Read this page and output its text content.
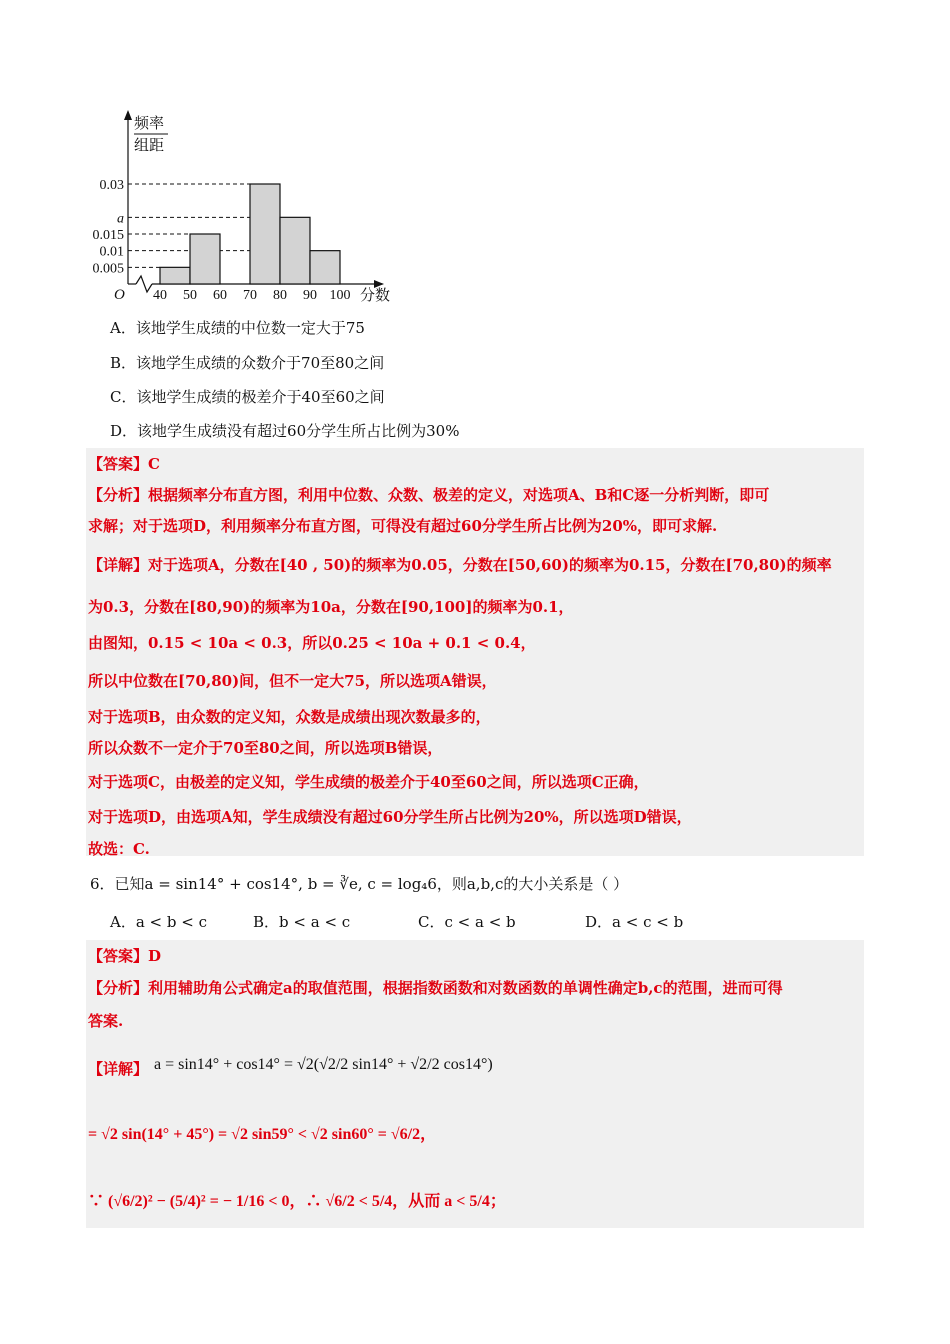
0.03
a
0.015
0.01
0.005
40 50 60 70 80 90 100
频率
组距
O	分数
A．该地学生成绩的中位数一定大于75
B．该地学生成绩的众数介于70至80之间
C．该地学生成绩的极差介于40至60之间
D．该地学生成绩没有超过60分学生所占比例为30%
【答案】C
【分析】根据频率分布直方图，利用中位数、众数、极差的定义，对选项A、B和C逐一分析判断，即可
求解；对于选项D，利用频率分布直方图，可得没有超过60分学生所占比例为20%，即可求解.
【详解】对于选项A，分数在[40 , 50)的频率为0.05，分数在[50,60)的频率为0.15，分数在[70,80)的频率
为0.3，分数在[80,90)的频率为10a，分数在[90,100]的频率为0.1，
由图知，0.15 < 10a < 0.3，所以0.25 < 10a + 0.1 < 0.4，
所以中位数在[70,80)间，但不一定大75，所以选项A错误，
对于选项B，由众数的定义知，众数是成绩出现次数最多的，
所以众数不一定介于70至80之间，所以选项B错误，
对于选项C，由极差的定义知，学生成绩的极差介于40至60之间，所以选项C正确，
对于选项D，由选项A知，学生成绩没有超过60分学生所占比例为20%，所以选项D错误，
故选：C.
6．已知a = sin14° + cos14°, b = ∛e, c = log₄6，则a,b,c的大小关系是（ ）
A．a < b < c	B．b < a < c	C．c < a < b	D．a < c < b
【答案】D
【分析】利用辅助角公式确定a的取值范围，根据指数函数和对数函数的单调性确定b,c的范围，进而可得
答案.
【详解】 a = sin14° + cos14° = √2(√2/2 sin14° + √2/2 cos14°)
= √2 sin(14° + 45°) = √2 sin59° < √2 sin60° = √6/2，
∵ (√6/2)² − (5/4)² = − 1/16 < 0，∴ √6/2 < 5/4，从而 a < 5/4；
